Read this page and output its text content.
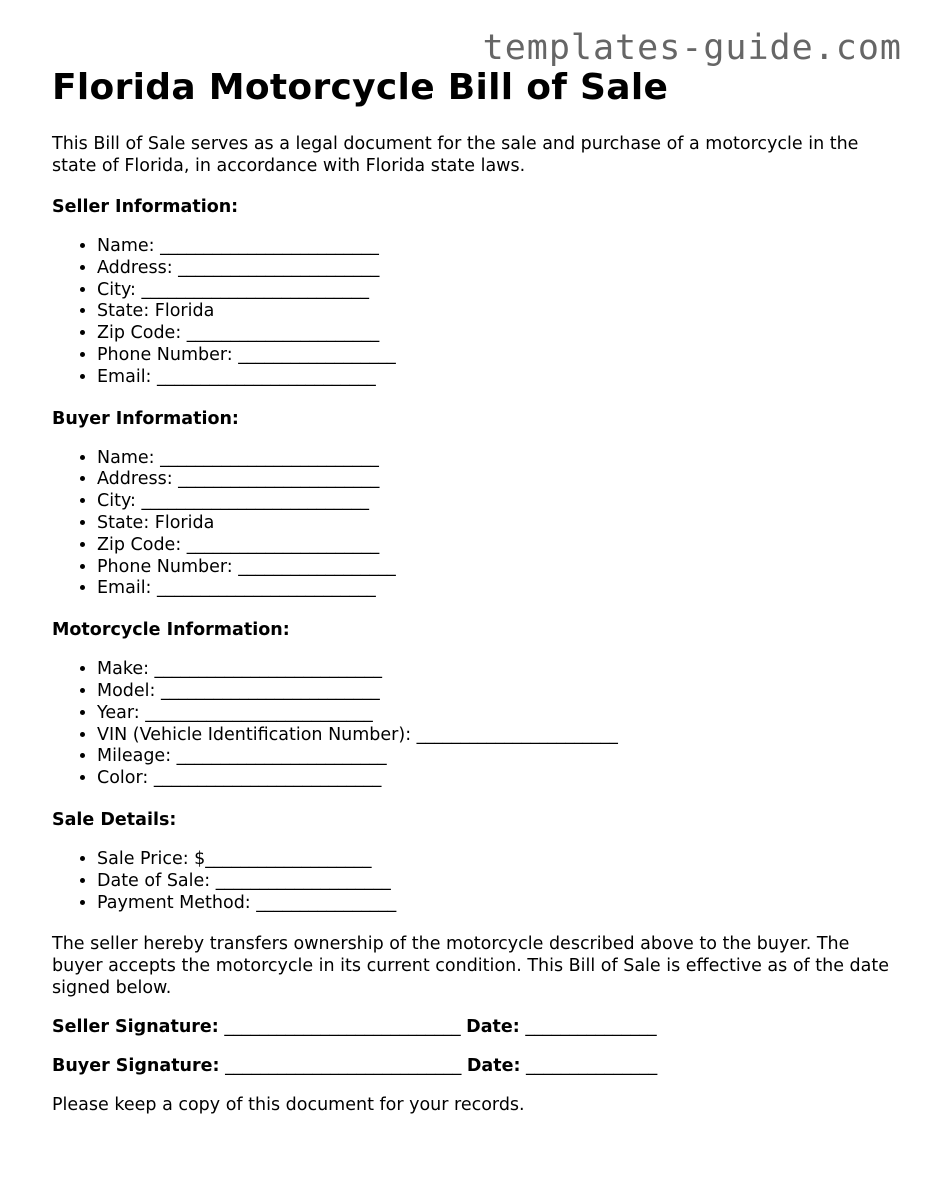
templates-guide.com
Florida Motorcycle Bill of Sale

This Bill of Sale serves as a legal document for the sale and purchase of a motorcycle in the state of Florida, in accordance with Florida state laws.

Seller Information:
• Name: _________________________
• Address: _______________________
• City: __________________________
• State: Florida
• Zip Code: ______________________
• Phone Number: __________________
• Email: _________________________
Buyer Information:
• Name: _________________________
• Address: _______________________
• City: __________________________
• State: Florida
• Zip Code: ______________________
• Phone Number: __________________
• Email: _________________________
Motorcycle Information:
• Make: __________________________
• Model: _________________________
• Year: __________________________
• VIN (Vehicle Identification Number): _______________________
• Mileage: ________________________
• Color: __________________________
Sale Details:
• Sale Price: $___________________
• Date of Sale: ____________________
• Payment Method: ________________

The seller hereby transfers ownership of the motorcycle described above to the buyer. The buyer accepts the motorcycle in its current condition. This Bill of Sale is effective as of the date signed below.

Seller Signature: ___________________________ Date: _______________

Buyer Signature: ___________________________ Date: _______________

Please keep a copy of this document for your records.
